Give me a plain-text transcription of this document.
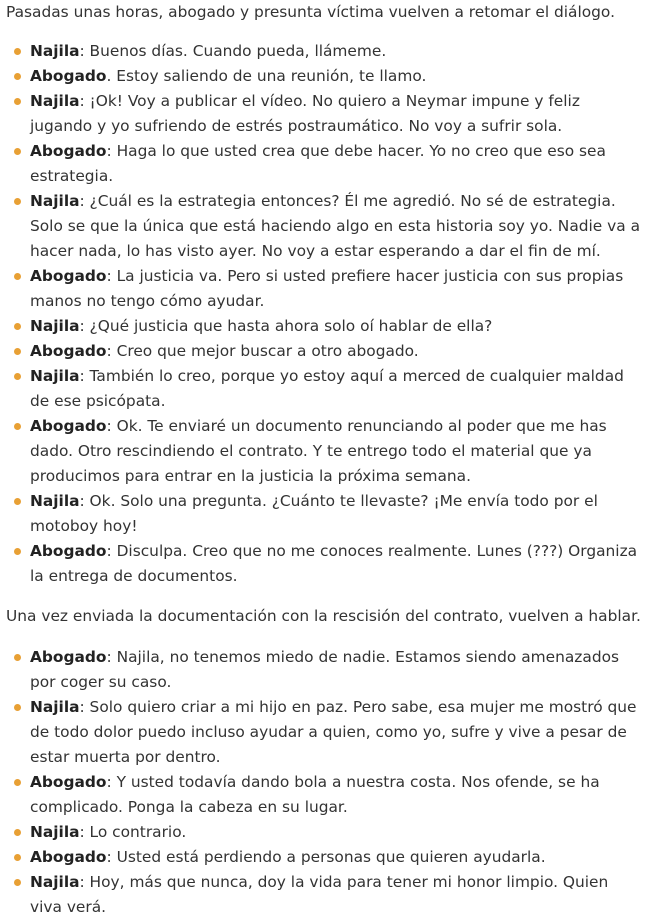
Pasadas unas horas, abogado y presunta víctima vuelven a retomar el diálogo.

Najila: Buenos días. Cuando pueda, llámeme.
Abogado. Estoy saliendo de una reunión, te llamo.
Najila: ¡Ok! Voy a publicar el vídeo. No quiero a Neymar impune y feliz jugando y yo sufriendo de estrés postraumático. No voy a sufrir sola.
Abogado: Haga lo que usted crea que debe hacer. Yo no creo que eso sea estrategia.
Najila: ¿Cuál es la estrategia entonces? Él me agredió. No sé de estrategia. Solo se que la única que está haciendo algo en esta historia soy yo. Nadie va a hacer nada, lo has visto ayer. No voy a estar esperando a dar el fin de mí.
Abogado: La justicia va. Pero si usted prefiere hacer justicia con sus propias manos no tengo cómo ayudar.
Najila: ¿Qué justicia que hasta ahora solo oí hablar de ella?
Abogado: Creo que mejor buscar a otro abogado.
Najila: También lo creo, porque yo estoy aquí a merced de cualquier maldad de ese psicópata.
Abogado: Ok. Te enviaré un documento renunciando al poder que me has dado. Otro rescindiendo el contrato. Y te entrego todo el material que ya producimos para entrar en la justicia la próxima semana.
Najila: Ok. Solo una pregunta. ¿Cuánto te llevaste? ¡Me envía todo por el motoboy hoy!
Abogado: Disculpa. Creo que no me conoces realmente. Lunes (???) Organiza la entrega de documentos.

Una vez enviada la documentación con la rescisión del contrato, vuelven a hablar.

Abogado: Najila, no tenemos miedo de nadie. Estamos siendo amenazados por coger su caso.
Najila: Solo quiero criar a mi hijo en paz. Pero sabe, esa mujer me mostró que de todo dolor puedo incluso ayudar a quien, como yo, sufre y vive a pesar de estar muerta por dentro.
Abogado: Y usted todavía dando bola a nuestra costa. Nos ofende, se ha complicado. Ponga la cabeza en su lugar.
Najila: Lo contrario.
Abogado: Usted está perdiendo a personas que quieren ayudarla.
Najila: Hoy, más que nunca, doy la vida para tener mi honor limpio. Quien viva verá.
